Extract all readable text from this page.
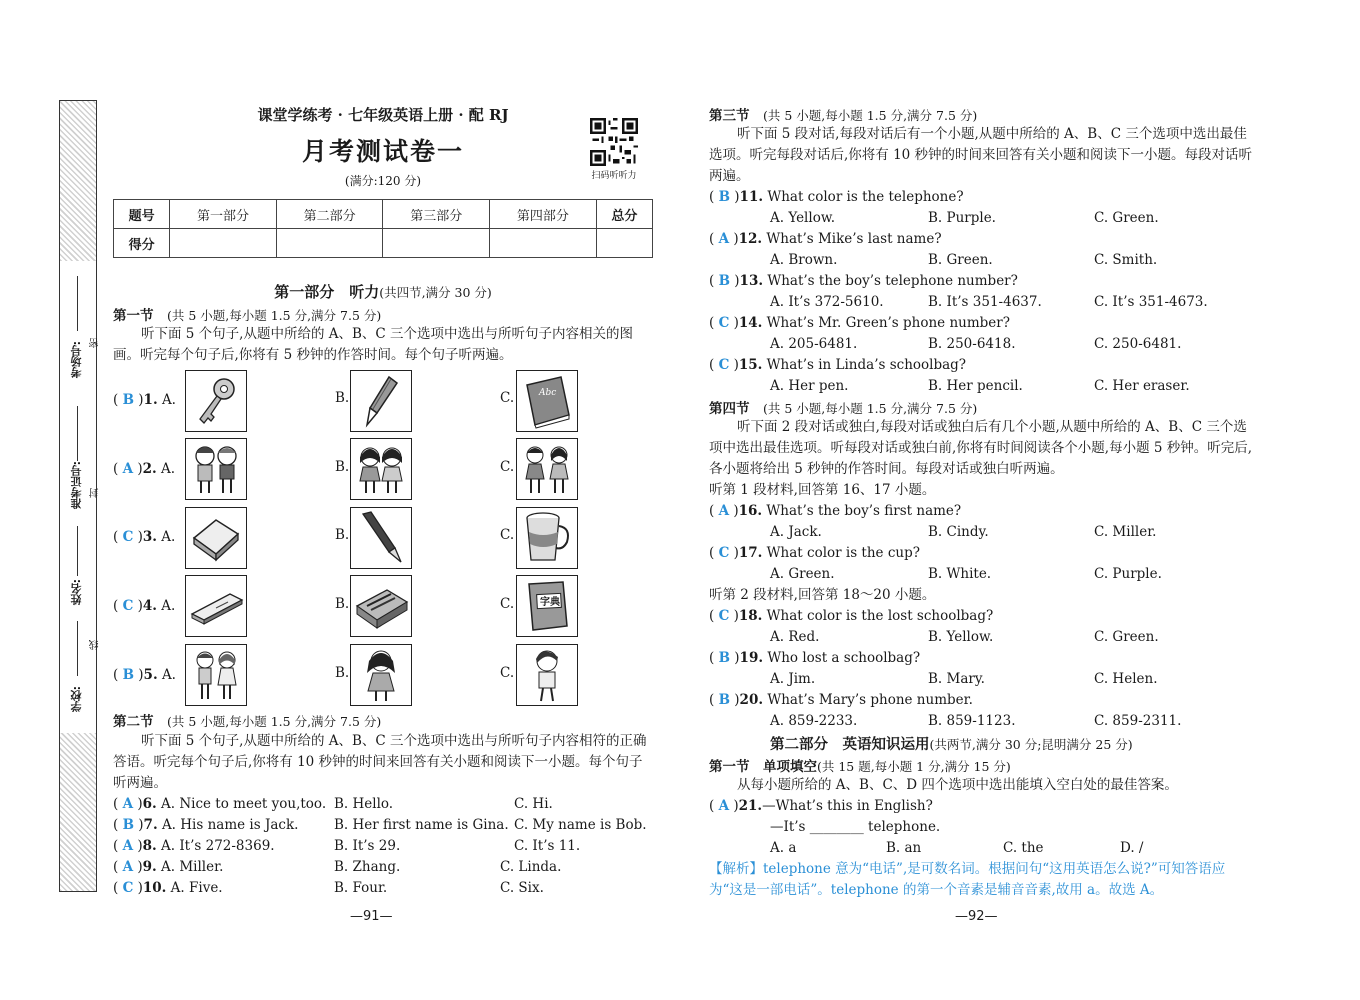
考场号:
准考证号:
姓名:
学校:
密
封
线
课堂学练考 · 七年级英语上册 · 配 RJ
月考测试卷一
(满分:120 分)	扫码听听力
题号	第一部分	第二部分	第三部分	第四部分	总分
得分					
第一部分　听力(共四节,满分 30 分)
第一节　 (共 5 小题,每小题 1.5 分,满分 7.5 分)
听下面 5 个句子,从题中所给的 A、B、C 三个选项中选出与所听句子内容相关的图画。听完每个句子后,你将有 5 秒钟的作答时间。每个句子听两遍。
( B )1. A.	B.	C.	Abc
( A )2. A.	B.	C.
( C )3. A.	B.	C.
( C )4. A.	B.	C.	字典
( B )5. A.	B.	C.
第二节　 (共 5 小题,每小题 1.5 分,满分 7.5 分)
听下面 5 个句子,从题中所给的 A、B、C 三个选项中选出与所听句子内容相符的正确答语。听完每个句子后,你将有 10 秒钟的时间来回答有关小题和阅读下一小题。每个句子听两遍。
( A )6. A. Nice to meet you,too. B. Hello.	C. Hi.
( B )7. A. His name is Jack.	B. Her first name is Gina. C. My name is Bob.
( A )8. A. It’s 272-8369.	B. It’s 29.	C. It’s 11.
( A )9. A. Miller.	B. Zhang.	C. Linda.
( C )10. A. Five.	B. Four.	C. Six.
—91—
第三节　 (共 5 小题,每小题 1.5 分,满分 7.5 分)
听下面 5 段对话,每段对话后有一个小题,从题中所给的 A、B、C 三个选项中选出最佳选项。听完每段对话后,你将有 10 秒钟的时间来回答有关小题和阅读下一小题。每段对话听两遍。
( B )11. What color is the telephone?
A. Yellow.	B. Purple.	C. Green.
( A )12. What’s Mike’s last name?
A. Brown.	B. Green.	C. Smith.
( B )13. What’s the boy’s telephone number?
A. It’s 372-5610.	B. It’s 351-4637.	C. It’s 351-4673.
( C )14. What’s Mr. Green’s phone number?
A. 205-6481.	B. 250-6418.	C. 250-6481.
( C )15. What’s in Linda’s schoolbag?
A. Her pen.	B. Her pencil.	C. Her eraser.
第四节　 (共 5 小题,每小题 1.5 分,满分 7.5 分)
听下面 2 段对话或独白,每段对话或独白后有几个小题,从题中所给的 A、B、C 三个选项中选出最佳选项。听每段对话或独白前,你将有时间阅读各个小题,每小题 5 秒钟。听完后,各小题将给出 5 秒钟的作答时间。每段对话或独白听两遍。
听第 1 段材料,回答第 16、17 小题。
( A )16. What’s the boy’s first name?
A. Jack.	B. Cindy.	C. Miller.
( C )17. What color is the cup?
A. Green.	B. White.	C. Purple.
听第 2 段材料,回答第 18～20 小题。
( C )18. What color is the lost schoolbag?
A. Red.	B. Yellow.	C. Green.
( B )19. Who lost a schoolbag?
A. Jim.	B. Mary.	C. Helen.
( B )20. What’s Mary’s phone number.
A. 859-2233.	B. 859-1123.	C. 859-2311.
第二部分　英语知识运用(共两节,满分 30 分;昆明满分 25 分)
第一节　单项填空(共 15 题,每小题 1 分,满分 15 分)
从每小题所给的 A、B、C、D 四个选项中选出能填入空白处的最佳答案。
( A )21.—What’s this in English?
—It’s ________ telephone.
A. a	B. an	C. the	D. /
【解析】telephone 意为“电话”,是可数名词。根据问句“这用英语怎么说?”可知答语应为“这是一部电话”。telephone 的第一个音素是辅音音素,故用 a。故选 A。
—92—
